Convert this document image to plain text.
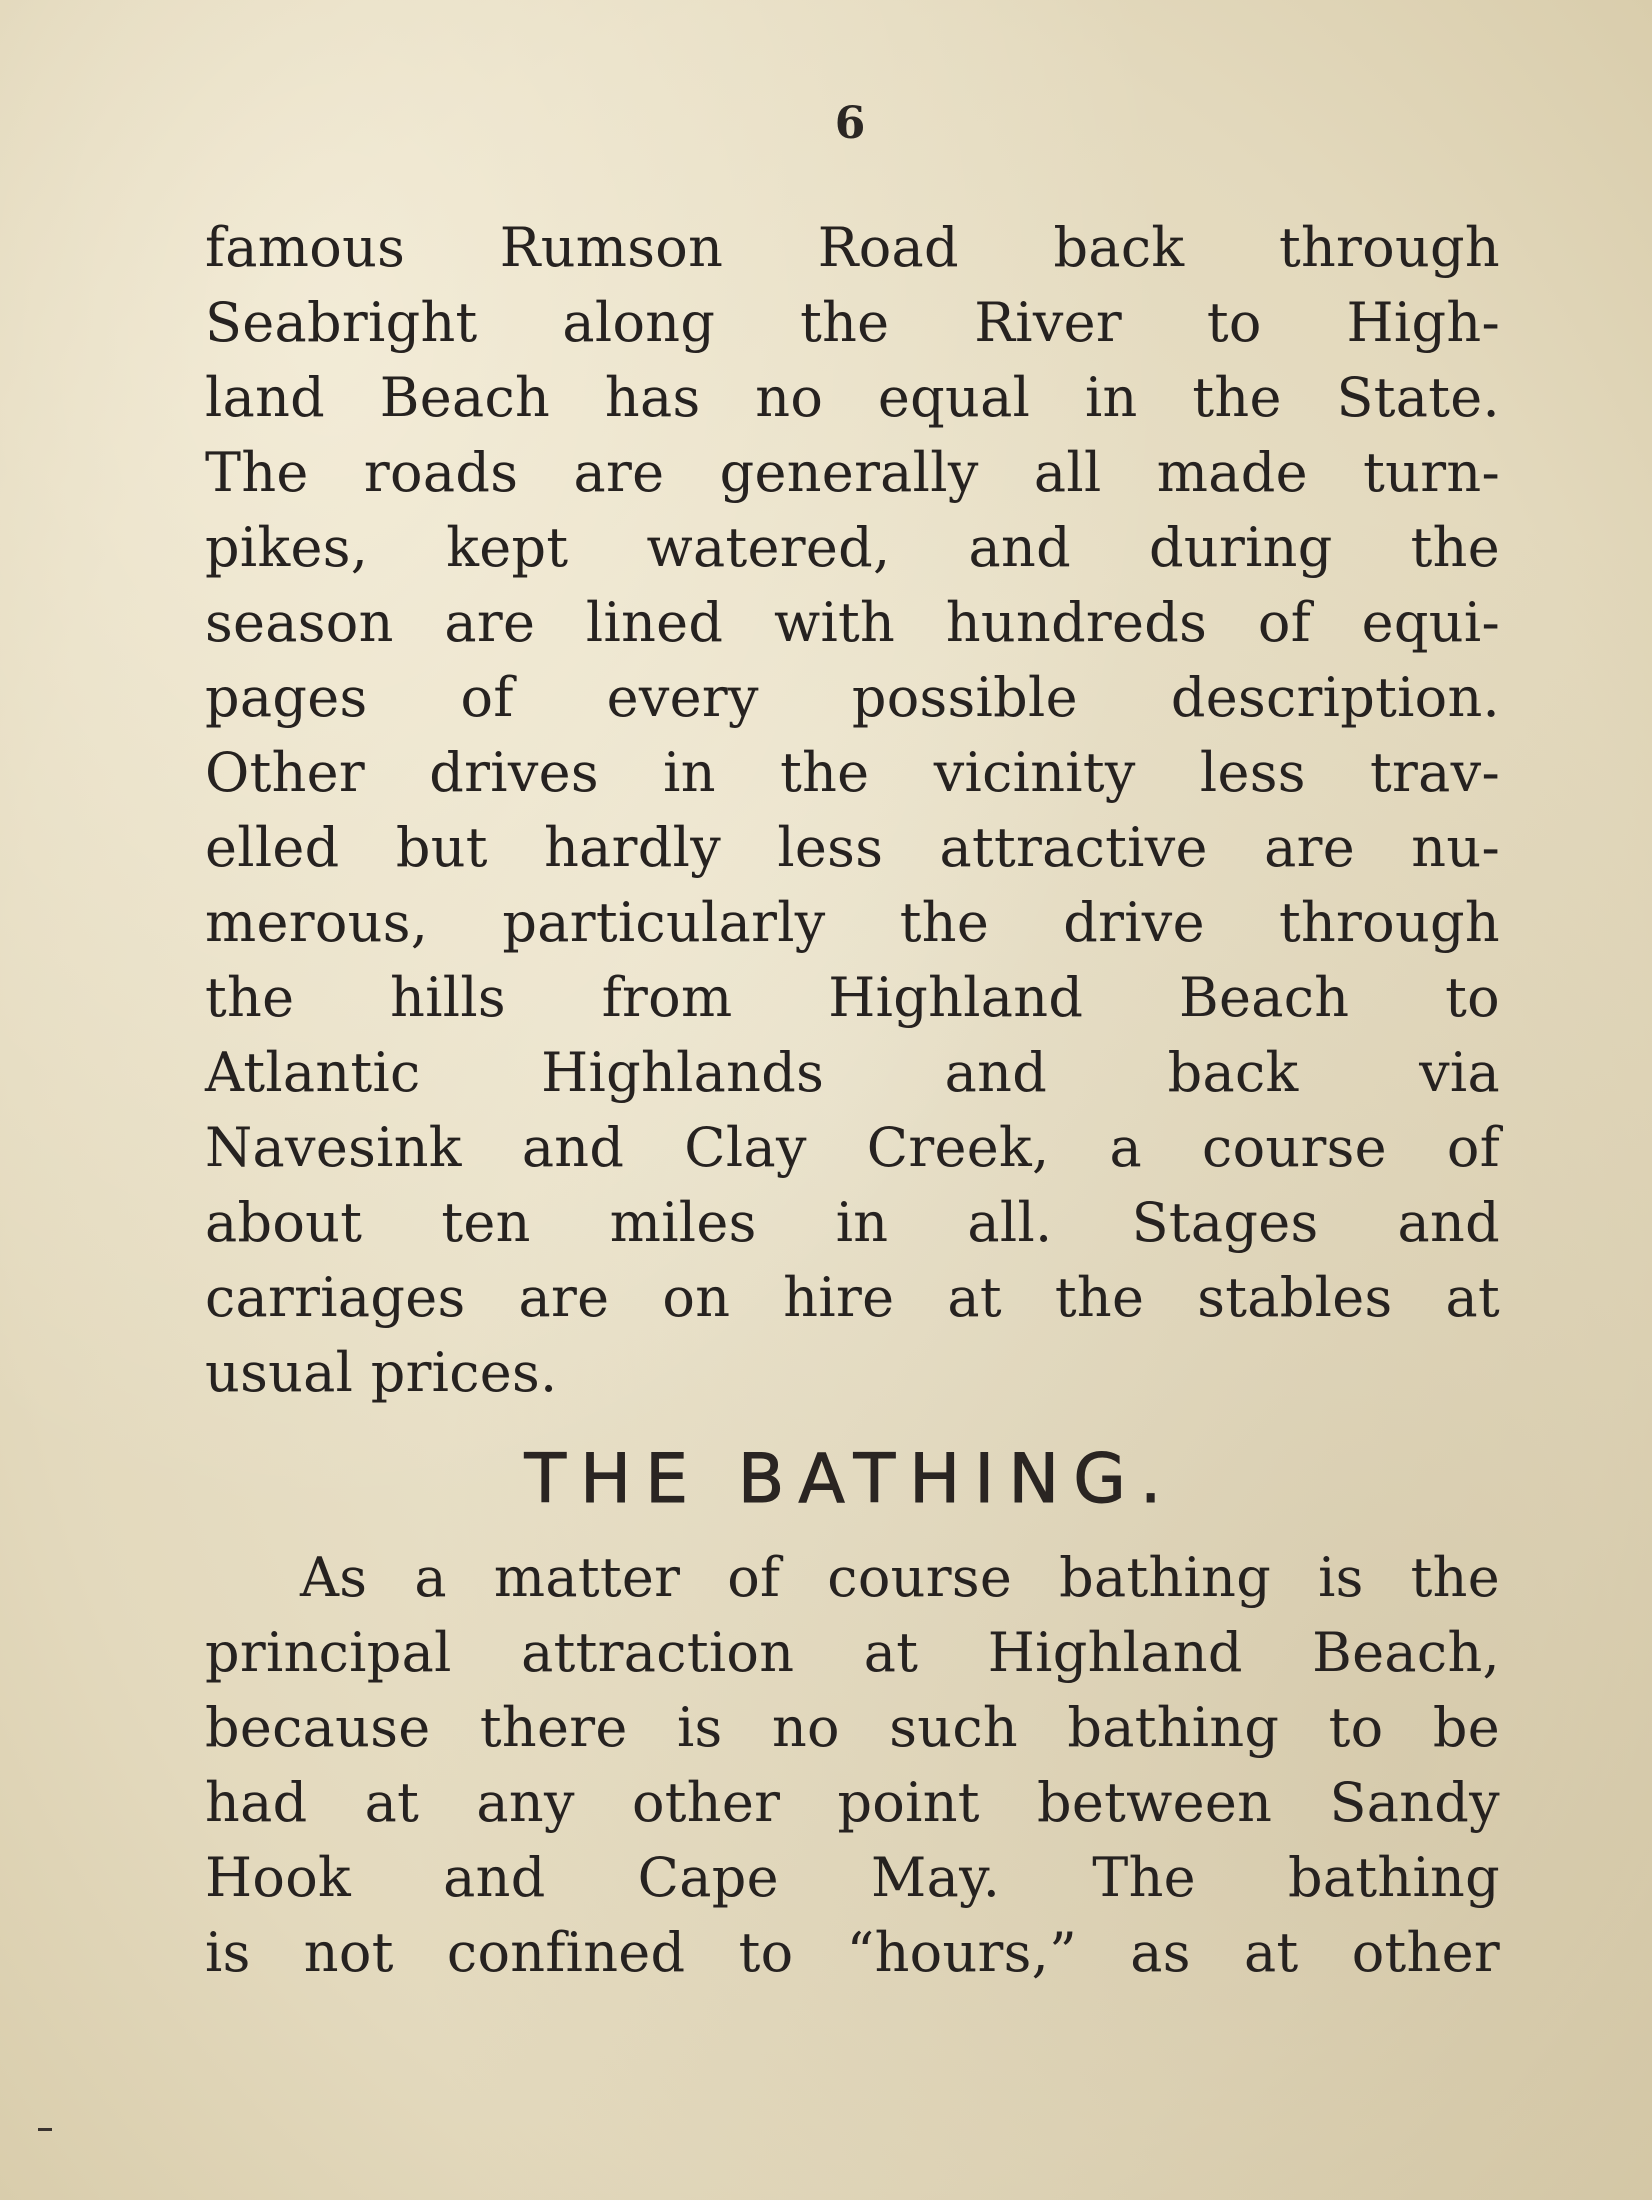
6
famous Rumson Road back through
Seabright along the River to High-
land Beach has no equal in the State.
The roads are generally all made turn-
pikes, kept watered, and during the
season are lined with hundreds of equi-
pages of every possible description.
Other drives in the vicinity less trav-
elled but hardly less attractive are nu-
merous, particularly the drive through
the hills from Highland Beach to
Atlantic Highlands and back via
Navesink and Clay Creek, a course of
about ten miles in all. Stages and
carriages are on hire at the stables at
usual prices.
THE BATHING.
As a matter of course bathing is the
principal attraction at Highland Beach,
because there is no such bathing to be
had at any other point between Sandy
Hook and Cape May. The bathing
is not confined to “hours,” as at other
